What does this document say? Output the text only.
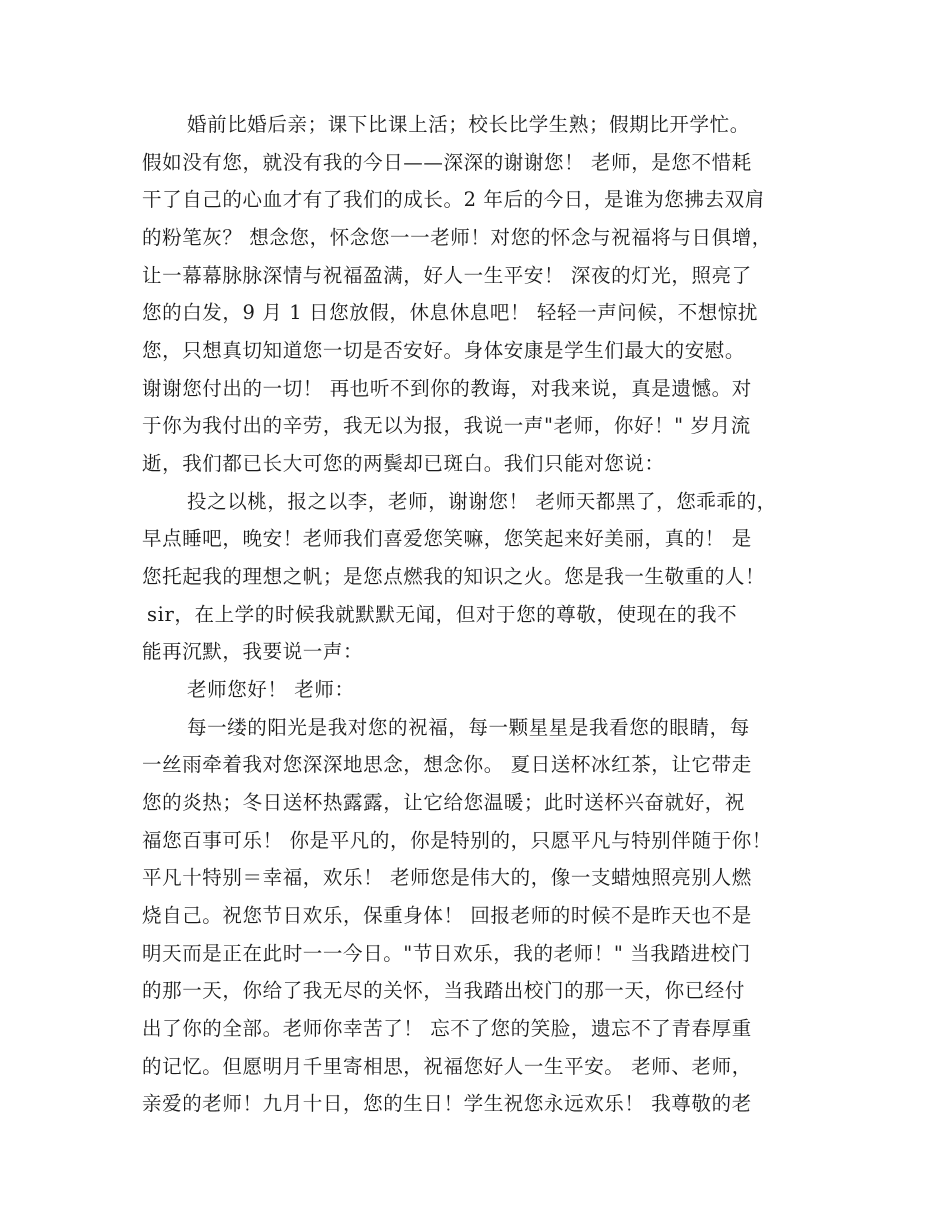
婚前比婚后亲；课下比课上活；校长比学生熟；假期比开学忙。
假如没有您，就没有我的今日——深深的谢谢您！ 老师，是您不惜耗
干了自己的心血才有了我们的成长。2 年后的今日，是谁为您拂去双肩
的粉笔灰？ 想念您，怀念您一一老师！对您的怀念与祝福将与日俱增，
让一幕幕脉脉深情与祝福盈满，好人一生平安！ 深夜的灯光，照亮了
您的白发，9 月 1 日您放假，休息休息吧！ 轻轻一声问候，不想惊扰
您，只想真切知道您一切是否安好。身体安康是学生们最大的安慰。
谢谢您付出的一切！ 再也听不到你的教诲，对我来说，真是遗憾。对
于你为我付出的辛劳，我无以为报，我说一声"老师，你好！" 岁月流
逝，我们都已长大可您的两鬓却已斑白。我们只能对您说：
投之以桃，报之以李，老师，谢谢您！ 老师天都黑了，您乖乖的，
早点睡吧，晚安！老师我们喜爱您笑嘛，您笑起来好美丽，真的！ 是
您托起我的理想之帆；是您点燃我的知识之火。您是我一生敬重的人！
sir，在上学的时候我就默默无闻，但对于您的尊敬，使现在的我不
能再沉默，我要说一声：
老师您好！ 老师：
每一缕的阳光是我对您的祝福，每一颗星星是我看您的眼睛，每
一丝雨牵着我对您深深地思念，想念你。 夏日送杯冰红茶，让它带走
您的炎热；冬日送杯热露露，让它给您温暖；此时送杯兴奋就好，祝
福您百事可乐！ 你是平凡的，你是特别的，只愿平凡与特别伴随于你！
平凡十特别＝幸福，欢乐！ 老师您是伟大的，像一支蜡烛照亮别人燃
烧自己。祝您节日欢乐，保重身体！ 回报老师的时候不是昨天也不是
明天而是正在此时一一今日。"节日欢乐，我的老师！" 当我踏进校门
的那一天，你给了我无尽的关怀，当我踏出校门的那一天，你已经付
出了你的全部。老师你幸苦了！ 忘不了您的笑脸，遗忘不了青春厚重
的记忆。但愿明月千里寄相思，祝福您好人一生平安。 老师、老师，
亲爱的老师！九月十日，您的生日！学生祝您永远欢乐！ 我尊敬的老
